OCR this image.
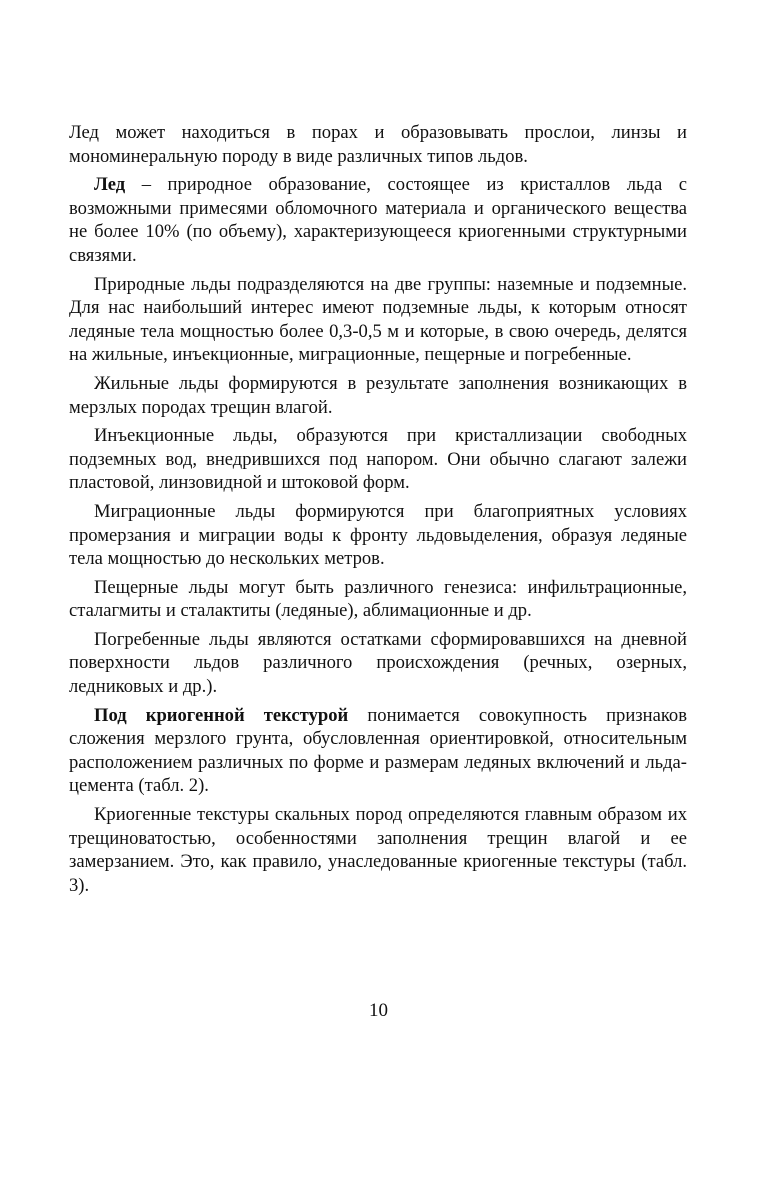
Лед может находиться в порах и образовывать прослои, линзы и мономинеральную породу в виде различных типов льдов.

Лед – природное образование, состоящее из кристаллов льда с возможными примесями обломочного материала и органического вещества не более 10% (по объему), характеризующееся криогенными структурными связями.

Природные льды подразделяются на две группы: наземные и подземные. Для нас наибольший интерес имеют подземные льды, к которым относят ледяные тела мощностью более 0,3-0,5 м и которые, в свою очередь, делятся на жильные, инъекционные, миграционные, пещерные и погребенные.

Жильные льды формируются в результате заполнения возникающих в мерзлых породах трещин влагой.

Инъекционные льды, образуются при кристаллизации свободных подземных вод, внедрившихся под напором. Они обычно слагают залежи пластовой, линзовидной и штоковой форм.

Миграционные льды формируются при благоприятных условиях промерзания и миграции воды к фронту льдовыделения, образуя ледяные тела мощностью до нескольких метров.

Пещерные льды могут быть различного генезиса: инфильтрационные, сталагмиты и сталактиты (ледяные), аблимационные и др.

Погребенные льды являются остатками сформировавшихся на дневной поверхности льдов различного происхождения (речных, озерных, ледниковых и др.).

Под криогенной текстурой понимается совокупность признаков сложения мерзлого грунта, обусловленная ориентировкой, относительным расположением различных по форме и размерам ледяных включений и льда-цемента (табл. 2).

Криогенные текстуры скальных пород определяются главным образом их трещиноватостью, особенностями заполнения трещин влагой и ее замерзанием. Это, как правило, унаследованные криогенные текстуры (табл. 3).

10
